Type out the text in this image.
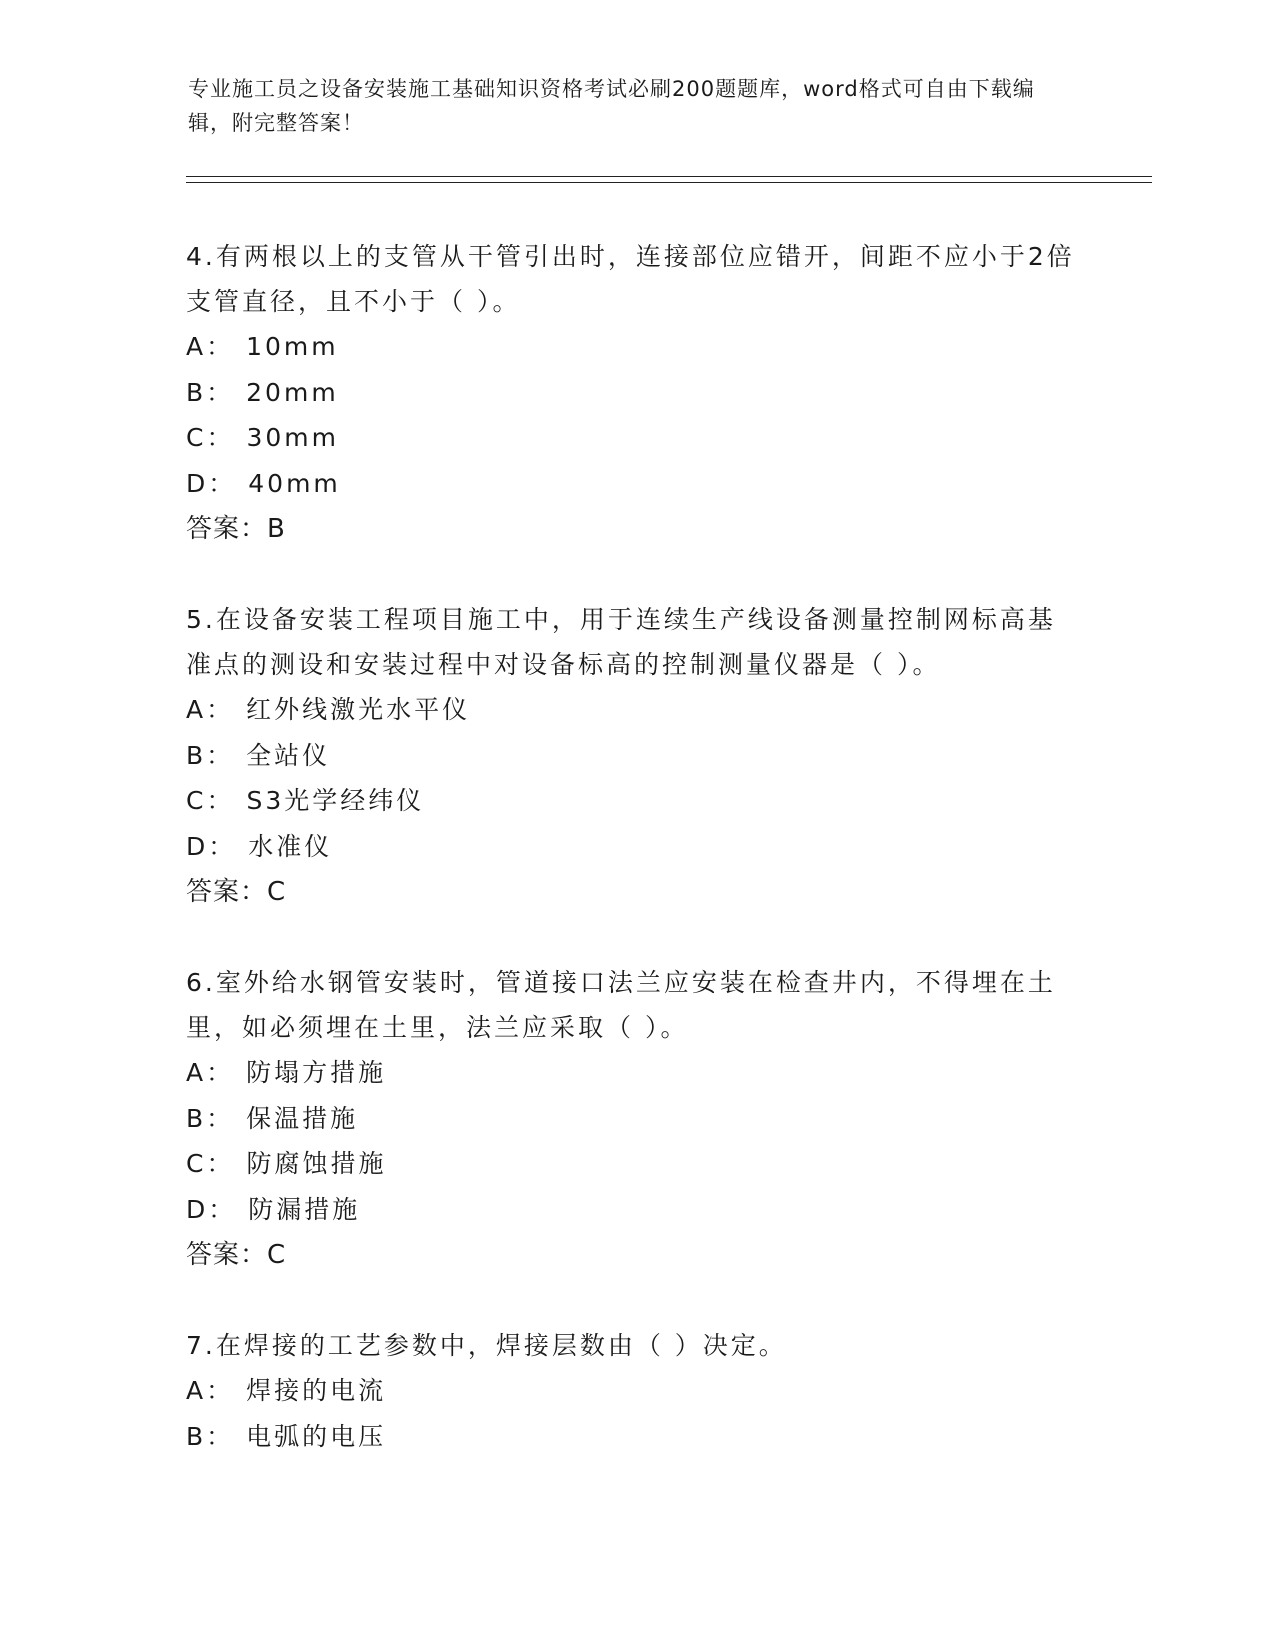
专业施工员之设备安装施工基础知识资格考试必刷200题题库，word格式可自由下载编辑，附完整答案！

4.有两根以上的支管从干管引出时，连接部位应错开，间距不应小于2倍支管直径，且不小于（ ）。

A： 10mm

B： 20mm

C： 30mm

D： 40mm

答案：B

5.在设备安装工程项目施工中，用于连续生产线设备测量控制网标高基准点的测设和安装过程中对设备标高的控制测量仪器是（ ）。

A： 红外线激光水平仪

B： 全站仪

C： S3光学经纬仪

D： 水准仪

答案：C

6.室外给水钢管安装时，管道接口法兰应安装在检查井内，不得埋在土里，如必须埋在土里，法兰应采取（ ）。

A： 防塌方措施

B： 保温措施

C： 防腐蚀措施

D： 防漏措施

答案：C

7.在焊接的工艺参数中，焊接层数由（ ）决定。

A： 焊接的电流

B： 电弧的电压
